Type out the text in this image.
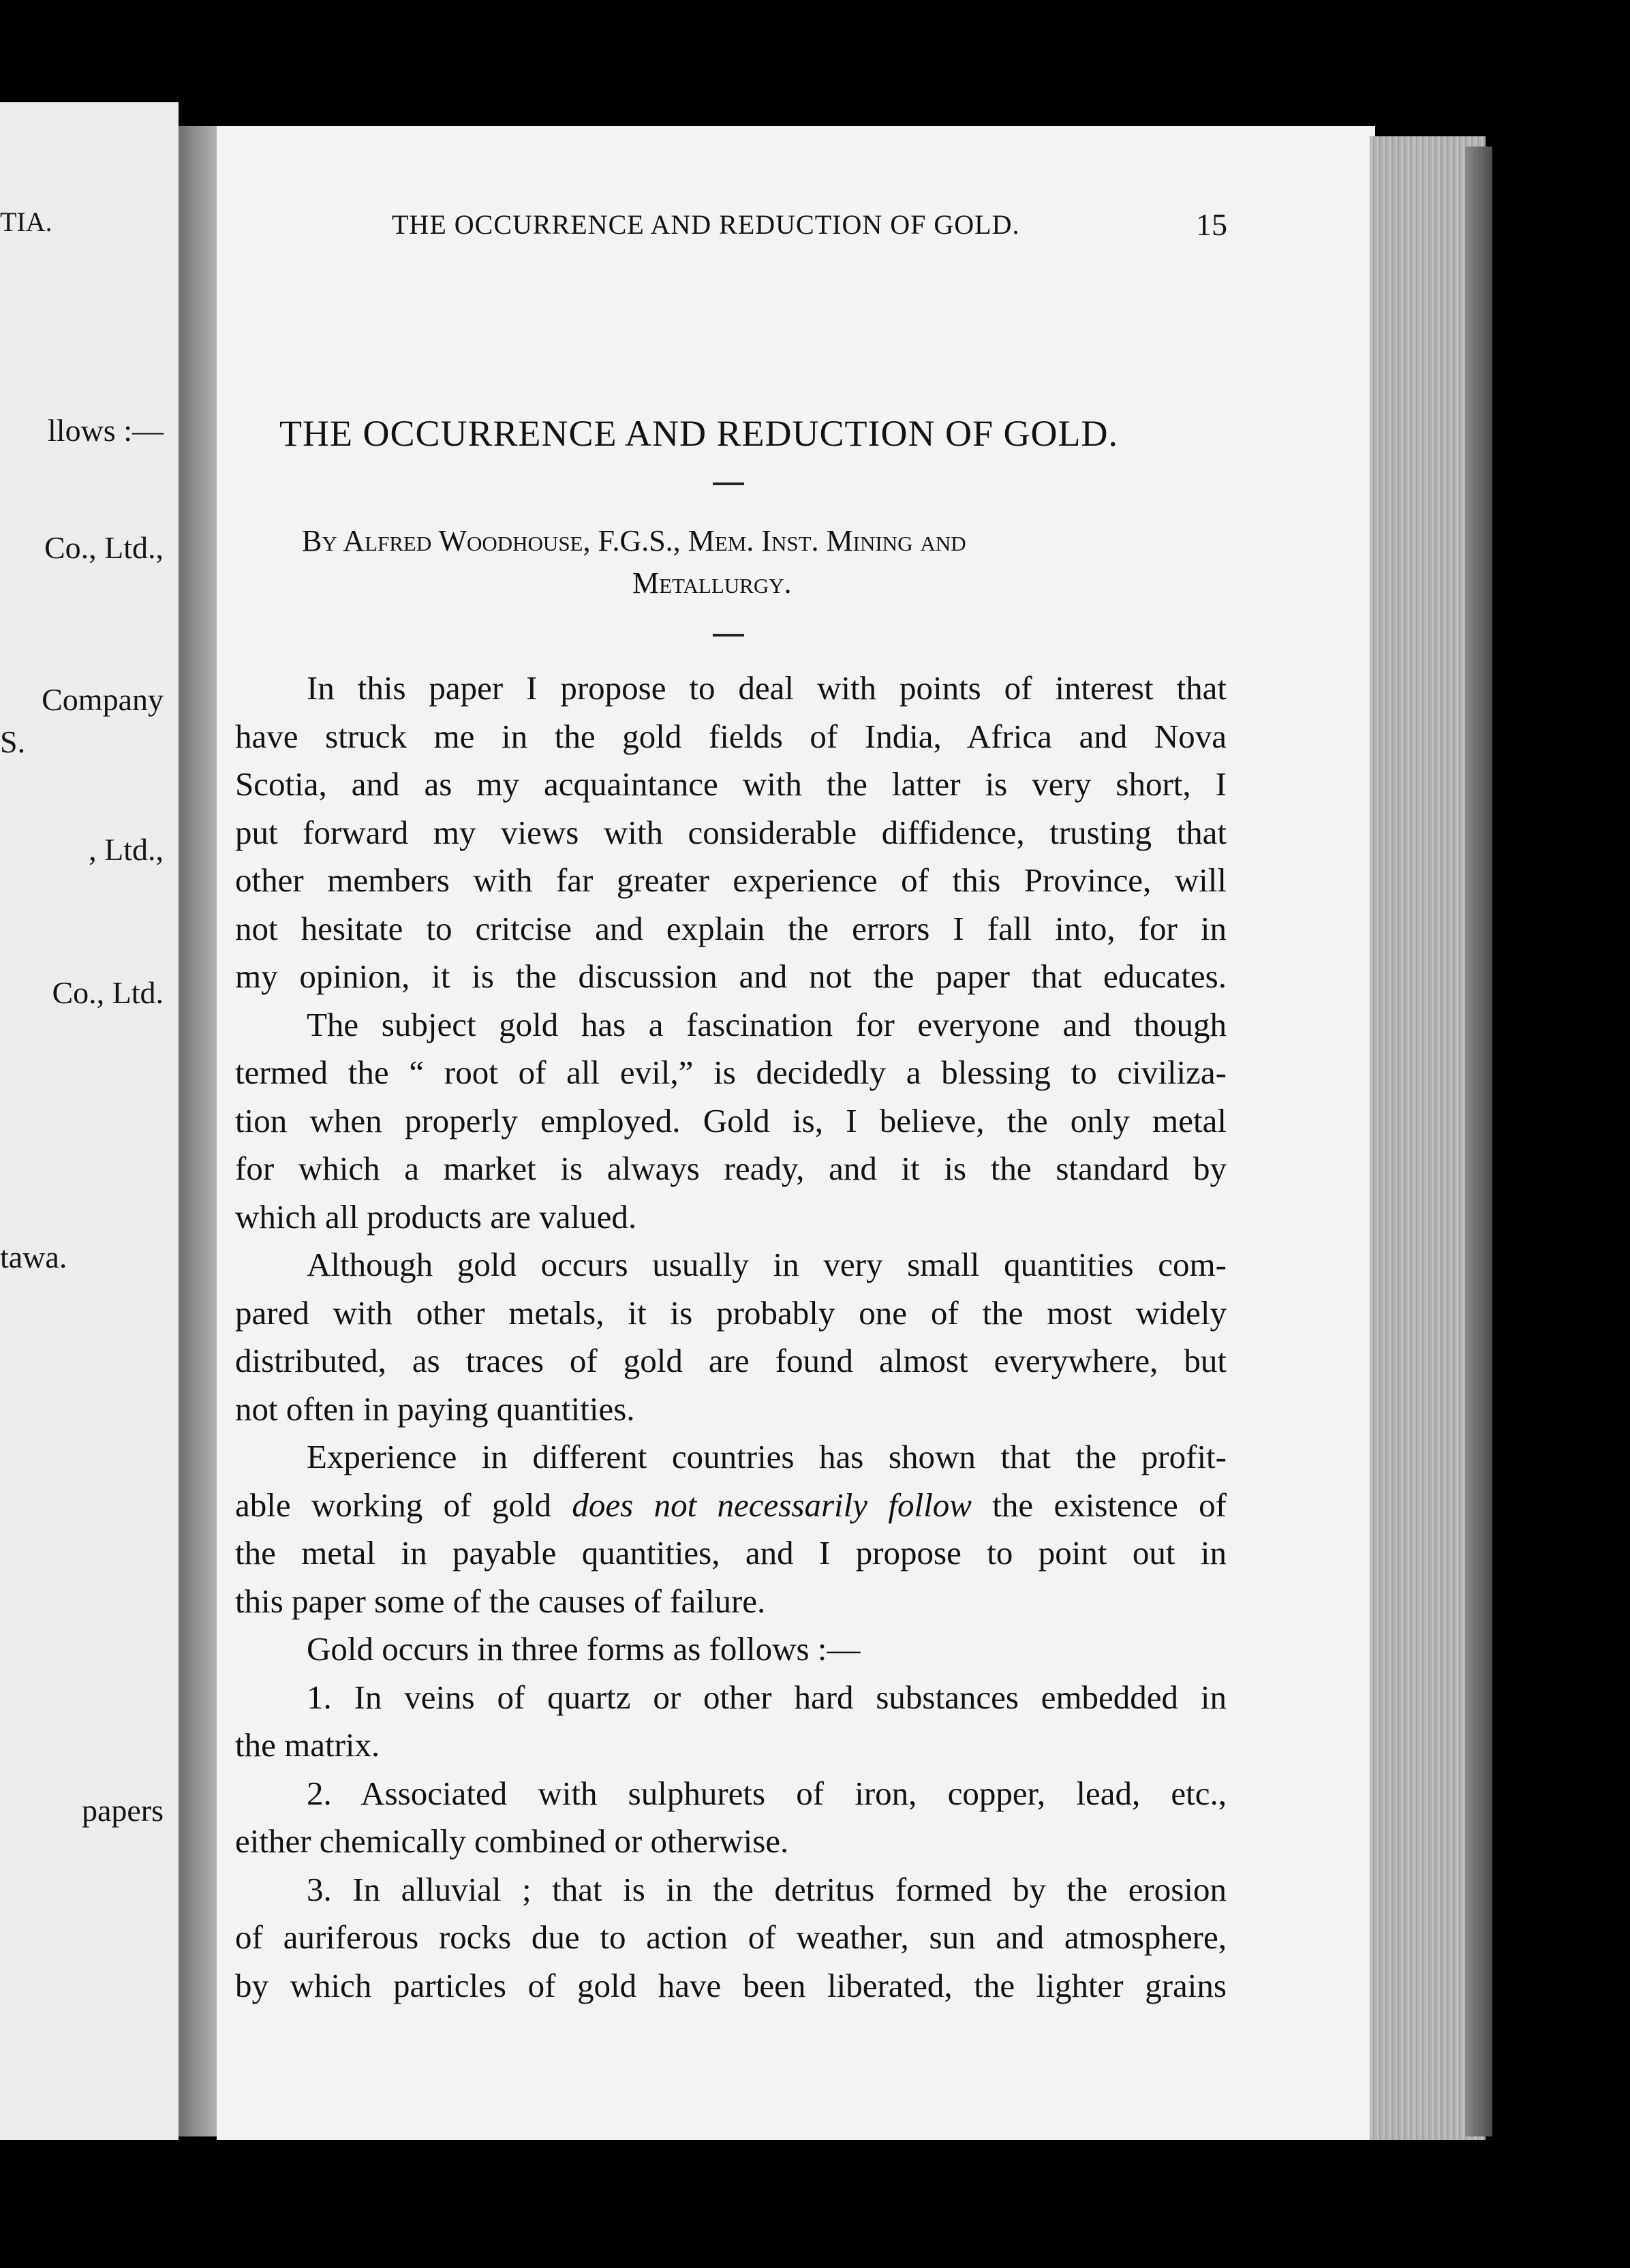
TIA.
llows :—
Co., Ltd.,
Company
S.
, Ltd.,
Co., Ltd.
tawa.
papers
THE OCCURRENCE AND REDUCTION OF GOLD.	15
THE OCCURRENCE AND REDUCTION OF GOLD.
By Alfred Woodhouse, F.G.S., Mem. Inst. Mining and
Metallurgy.
In this paper I propose to deal with points of interest that
have struck me in the gold fields of India, Africa and Nova
Scotia, and as my acquaintance with the latter is very short, I
put forward my views with considerable diffidence, trusting that
other members with far greater experience of this Province, will
not hesitate to critcise and explain the errors I fall into, for in
my opinion, it is the discussion and not the paper that educates.
The subject gold has a fascination for everyone and though
termed the “ root of all evil,” is decidedly a blessing to civiliza-
tion when properly employed. Gold is, I believe, the only metal
for which a market is always ready, and it is the standard by
which all products are valued.
Although gold occurs usually in very small quantities com-
pared with other metals, it is probably one of the most widely
distributed, as traces of gold are found almost everywhere, but
not often in paying quantities.
Experience in different countries has shown that the profit-
able working of gold does not necessarily follow the existence of
the metal in payable quantities, and I propose to point out in
this paper some of the causes of failure.
Gold occurs in three forms as follows :—
1. In veins of quartz or other hard substances embedded in
the matrix.
2. Associated with sulphurets of iron, copper, lead, etc.,
either chemically combined or otherwise.
3. In alluvial ; that is in the detritus formed by the erosion
of auriferous rocks due to action of weather, sun and atmosphere,
by which particles of gold have been liberated, the lighter grains
